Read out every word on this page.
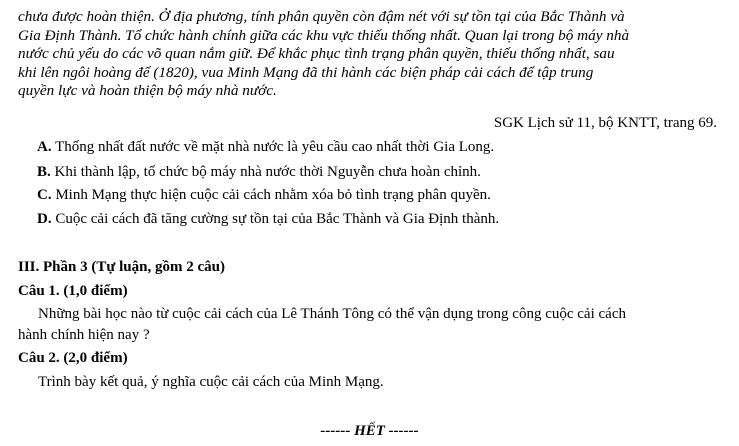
chưa được hoàn thiện. Ở địa phương, tính phân quyền còn đậm nét với sự tồn tại của Bắc Thành và
Gia Định Thành. Tổ chức hành chính giữa các khu vực thiếu thống nhất. Quan lại trong bộ máy nhà
nước chủ yếu do các võ quan nắm giữ. Để khắc phục tình trạng phân quyền, thiếu thống nhất, sau
khi lên ngôi hoàng đế (1820), vua Minh Mạng đã thi hành các biện pháp cải cách để tập trung
quyền lực và hoàn thiện bộ máy nhà nước.
SGK Lịch sử 11, bộ KNTT, trang 69.
A. Thống nhất đất nước về mặt nhà nước là yêu cầu cao nhất thời Gia Long.
B. Khi thành lập, tổ chức bộ máy nhà nước thời Nguyễn chưa hoàn chỉnh.
C. Minh Mạng thực hiện cuộc cải cách nhằm xóa bỏ tình trạng phân quyền.
D. Cuộc cải cách đã tăng cường sự tồn tại của Bắc Thành và Gia Định thành.
III. Phần 3 (Tự luận, gồm 2 câu)
Câu 1. (1,0 điểm)
Những bài học nào từ cuộc cải cách của Lê Thánh Tông có thể vận dụng trong công cuộc cải cách
hành chính hiện nay ?
Câu 2. (2,0 điểm)
Trình bày kết quả, ý nghĩa cuộc cải cách của Minh Mạng.
------ HẾT ------
